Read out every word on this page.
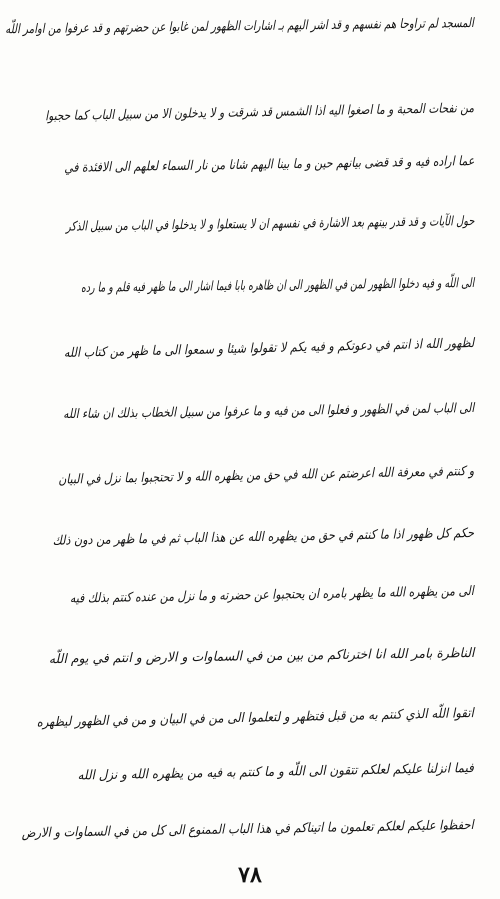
المسجد لم تراوحا هم نفسهم و قد اشر اليهم بـ اشارات الظهور لمن غابوا عن حضرتهم و قد عرفوا من اوامر اللّه
من نفحات المحبة و ما اصغوا اليه اذا الشمس قد شرقت و لا يدخلون الا من سبيل الباب كما حجبوا
عما اراده فيه و قد قضى بيانهم حين و ما بينا اليهم شانا من نار السماء لعلهم الى الافئدة في
حول الآيات و قد قدر بينهم بعد الاشارة في نفسهم ان لا يستعلوا و لا يدخلوا في الباب من سبيل الذكر
الى اللّه و فيه دخلوا الظهور لمن في الظهور الى ان ظاهره بابا فيما اشار الى ما ظهر فيه قلم و ما رده
لظهور الله اذ انتم في دعوتكم و فيه يكم لا تقولوا شيئا و سمعوا الى ما ظهر من كتاب الله
الى الباب لمن في الظهور و فعلوا الى من فيه و ما عرفوا من سبيل الخطاب بذلك ان شاء الله
و كنتم في معرفة الله اعرضتم عن الله في حق من يظهره الله و لا تحتجبوا بما نزل في البيان
حكم كل ظهور اذا ما كنتم في حق من يظهره الله عن هذا الباب ثم في ما ظهر من دون ذلك
الى من يظهره الله ما يظهر بامره ان يحتجبوا عن حضرته و ما نزل من عنده كنتم بذلك فيه
الناظرة بامر الله انا اخترناكم من بين من في السماوات و الارض و انتم في يوم اللّه
اتقوا اللّه الذي كنتم به من قبل فتظهر و لتعلموا الى من في البيان و من في الظهور ليظهره
فيما انزلنا عليكم لعلكم تتقون الى اللّه و ما كنتم به فيه من يظهره الله و نزل الله
احفظوا عليكم لعلكم تعلمون ما اتيناكم في هذا الباب الممنوع الى كل من في السماوات و الارض
۷۸
